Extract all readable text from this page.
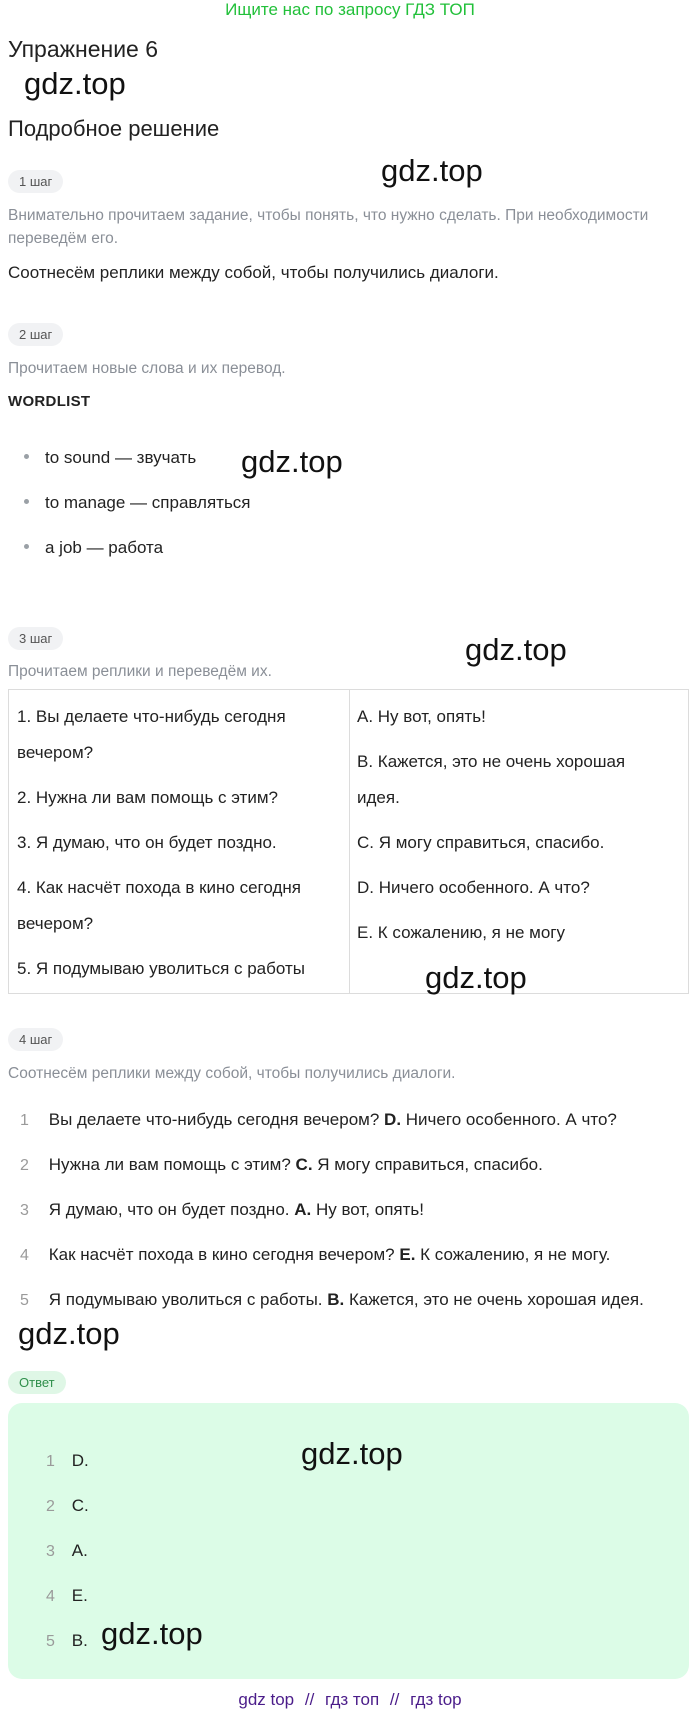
Ищите нас по запросу ГДЗ ТОП
Упражнение 6
gdz.top
Подробное решение
1 шаг	gdz.top
Внимательно прочитаем задание, чтобы понять, что нужно сделать. При необходимости
переведём его.
Соотнесём реплики между собой, чтобы получились диалоги.
2 шаг
Прочитаем новые слова и их перевод.
WORDLIST
to sound — звучать gdz.top
to manage — справляться
a job — работа
3 шаг	gdz.top
Прочитаем реплики и переведём их.
1. Вы делаете что-нибудь сегодня
вечером?
2. Нужна ли вам помощь с этим?
3. Я думаю, что он будет поздно.
4. Как насчёт похода в кино сегодня
вечером?
5. Я подумываю уволиться с работы
A. Ну вот, опять!
B. Кажется, это не очень хорошая
идея.
C. Я могу справиться, спасибо.
D. Ничего особенного. А что?
E. К сожалению, я не могу
gdz.top
4 шаг
Соотнесём реплики между собой, чтобы получились диалоги.
1 Вы делаете что-нибудь сегодня вечером? D. Ничего особенного. А что?
2 Нужна ли вам помощь с этим? C. Я могу справиться, спасибо.
3 Я думаю, что он будет поздно. A. Ну вот, опять!
4 Как насчёт похода в кино сегодня вечером? E. К сожалению, я не могу.
5 Я подумываю уволиться с работы. B. Кажется, это не очень хорошая идея.
gdz.top
Ответ
gdz.top
1 D.
2 C.
3 A.
4 E.
5 B. gdz.top
gdz top // гдз топ // гдз top
